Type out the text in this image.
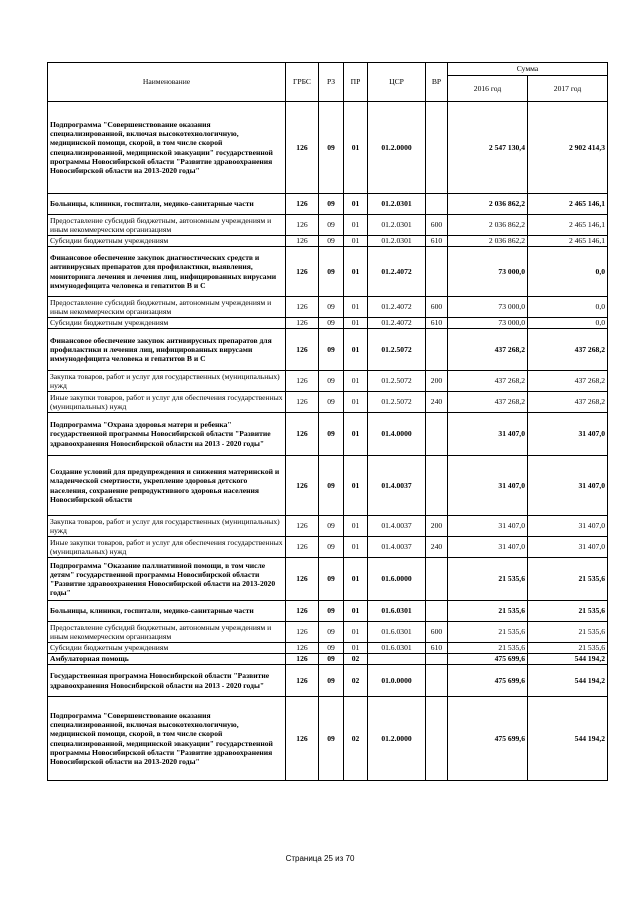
Наименование	ГРБС	РЗ	ПР	ЦСР	ВР	Сумма	
						2016 год	2017 год
Подпрограмма "Совершенствование оказания специализированной, включая высокотехнологичную, медицинской помощи, скорой, в том числе скорой специализированной, медицинской эвакуации" государственной программы Новосибирской области "Развитие здравоохранения Новосибирской области на 2013-2020 годы"	126	09	01	01.2.0000		2 547 130,4	2 902 414,3
Больницы, клиники, госпитали, медико-санитарные части	126	09	01	01.2.0301		2 036 862,2	2 465 146,1
Предоставление субсидий бюджетным, автономным учреждениям и иным некоммерческим организациям	126	09	01	01.2.0301	600	2 036 862,2	2 465 146,1
Субсидии бюджетным учреждениям	126	09	01	01.2.0301	610	2 036 862,2	2 465 146,1
Финансовое обеспечение закупок диагностических средств и антивирусных препаратов для профилактики, выявления, мониторинга лечения и лечения лиц, инфицированных вирусами иммунодефицита человека и гепатитов В и С	126	09	01	01.2.4072		73 000,0	0,0
Предоставление субсидий бюджетным, автономным учреждениям и иным некоммерческим организациям	126	09	01	01.2.4072	600	73 000,0	0,0
Субсидии бюджетным учреждениям	126	09	01	01.2.4072	610	73 000,0	0,0
Финансовое обеспечение закупок антивирусных препаратов для профилактики и лечения лиц, инфицированных вирусами иммунодефицита человека и гепатитов В и С	126	09	01	01.2.5072		437 268,2	437 268,2
Закупка товаров, работ и услуг для государственных (муниципальных) нужд	126	09	01	01.2.5072	200	437 268,2	437 268,2
Иные закупки товаров, работ и услуг для обеспечения государственных (муниципальных) нужд	126	09	01	01.2.5072	240	437 268,2	437 268,2
Подпрограмма "Охрана здоровья матери и ребенка" государственной программы Новосибирской области "Развитие здравоохранения Новосибирской области на 2013 - 2020 годы"	126	09	01	01.4.0000		31 407,0	31 407,0
Создание условий для предупреждения и снижения материнской и младенческой смертности, укрепление здоровья детского населения, сохранение репродуктивного здоровья населения Новосибирской области	126	09	01	01.4.0037		31 407,0	31 407,0
Закупка товаров, работ и услуг для государственных (муниципальных) нужд	126	09	01	01.4.0037	200	31 407,0	31 407,0
Иные закупки товаров, работ и услуг для обеспечения государственных (муниципальных) нужд	126	09	01	01.4.0037	240	31 407,0	31 407,0
Подпрограмма "Оказание паллиативной помощи, в том числе детям" государственной программы Новосибирской области "Развитие здравоохранения Новосибирской области на 2013-2020 годы"	126	09	01	01.6.0000		21 535,6	21 535,6
Больницы, клиники, госпитали, медико-санитарные части	126	09	01	01.6.0301		21 535,6	21 535,6
Предоставление субсидий бюджетным, автономным учреждениям и иным некоммерческим организациям	126	09	01	01.6.0301	600	21 535,6	21 535,6
Субсидии бюджетным учреждениям	126	09	01	01.6.0301	610	21 535,6	21 535,6
Амбулаторная помощь	126	09	02			475 699,6	544 194,2
Государственная программа Новосибирской области "Развитие здравоохранения Новосибирской области на 2013 - 2020 годы"	126	09	02	01.0.0000		475 699,6	544 194,2
Подпрограмма "Совершенствование оказания специализированной, включая высокотехнологичную, медицинской помощи, скорой, в том числе скорой специализированной, медицинской эвакуации" государственной программы Новосибирской области "Развитие здравоохранения Новосибирской области на 2013-2020 годы"	126	09	02	01.2.0000		475 699,6	544 194,2
Страница 25 из 70
